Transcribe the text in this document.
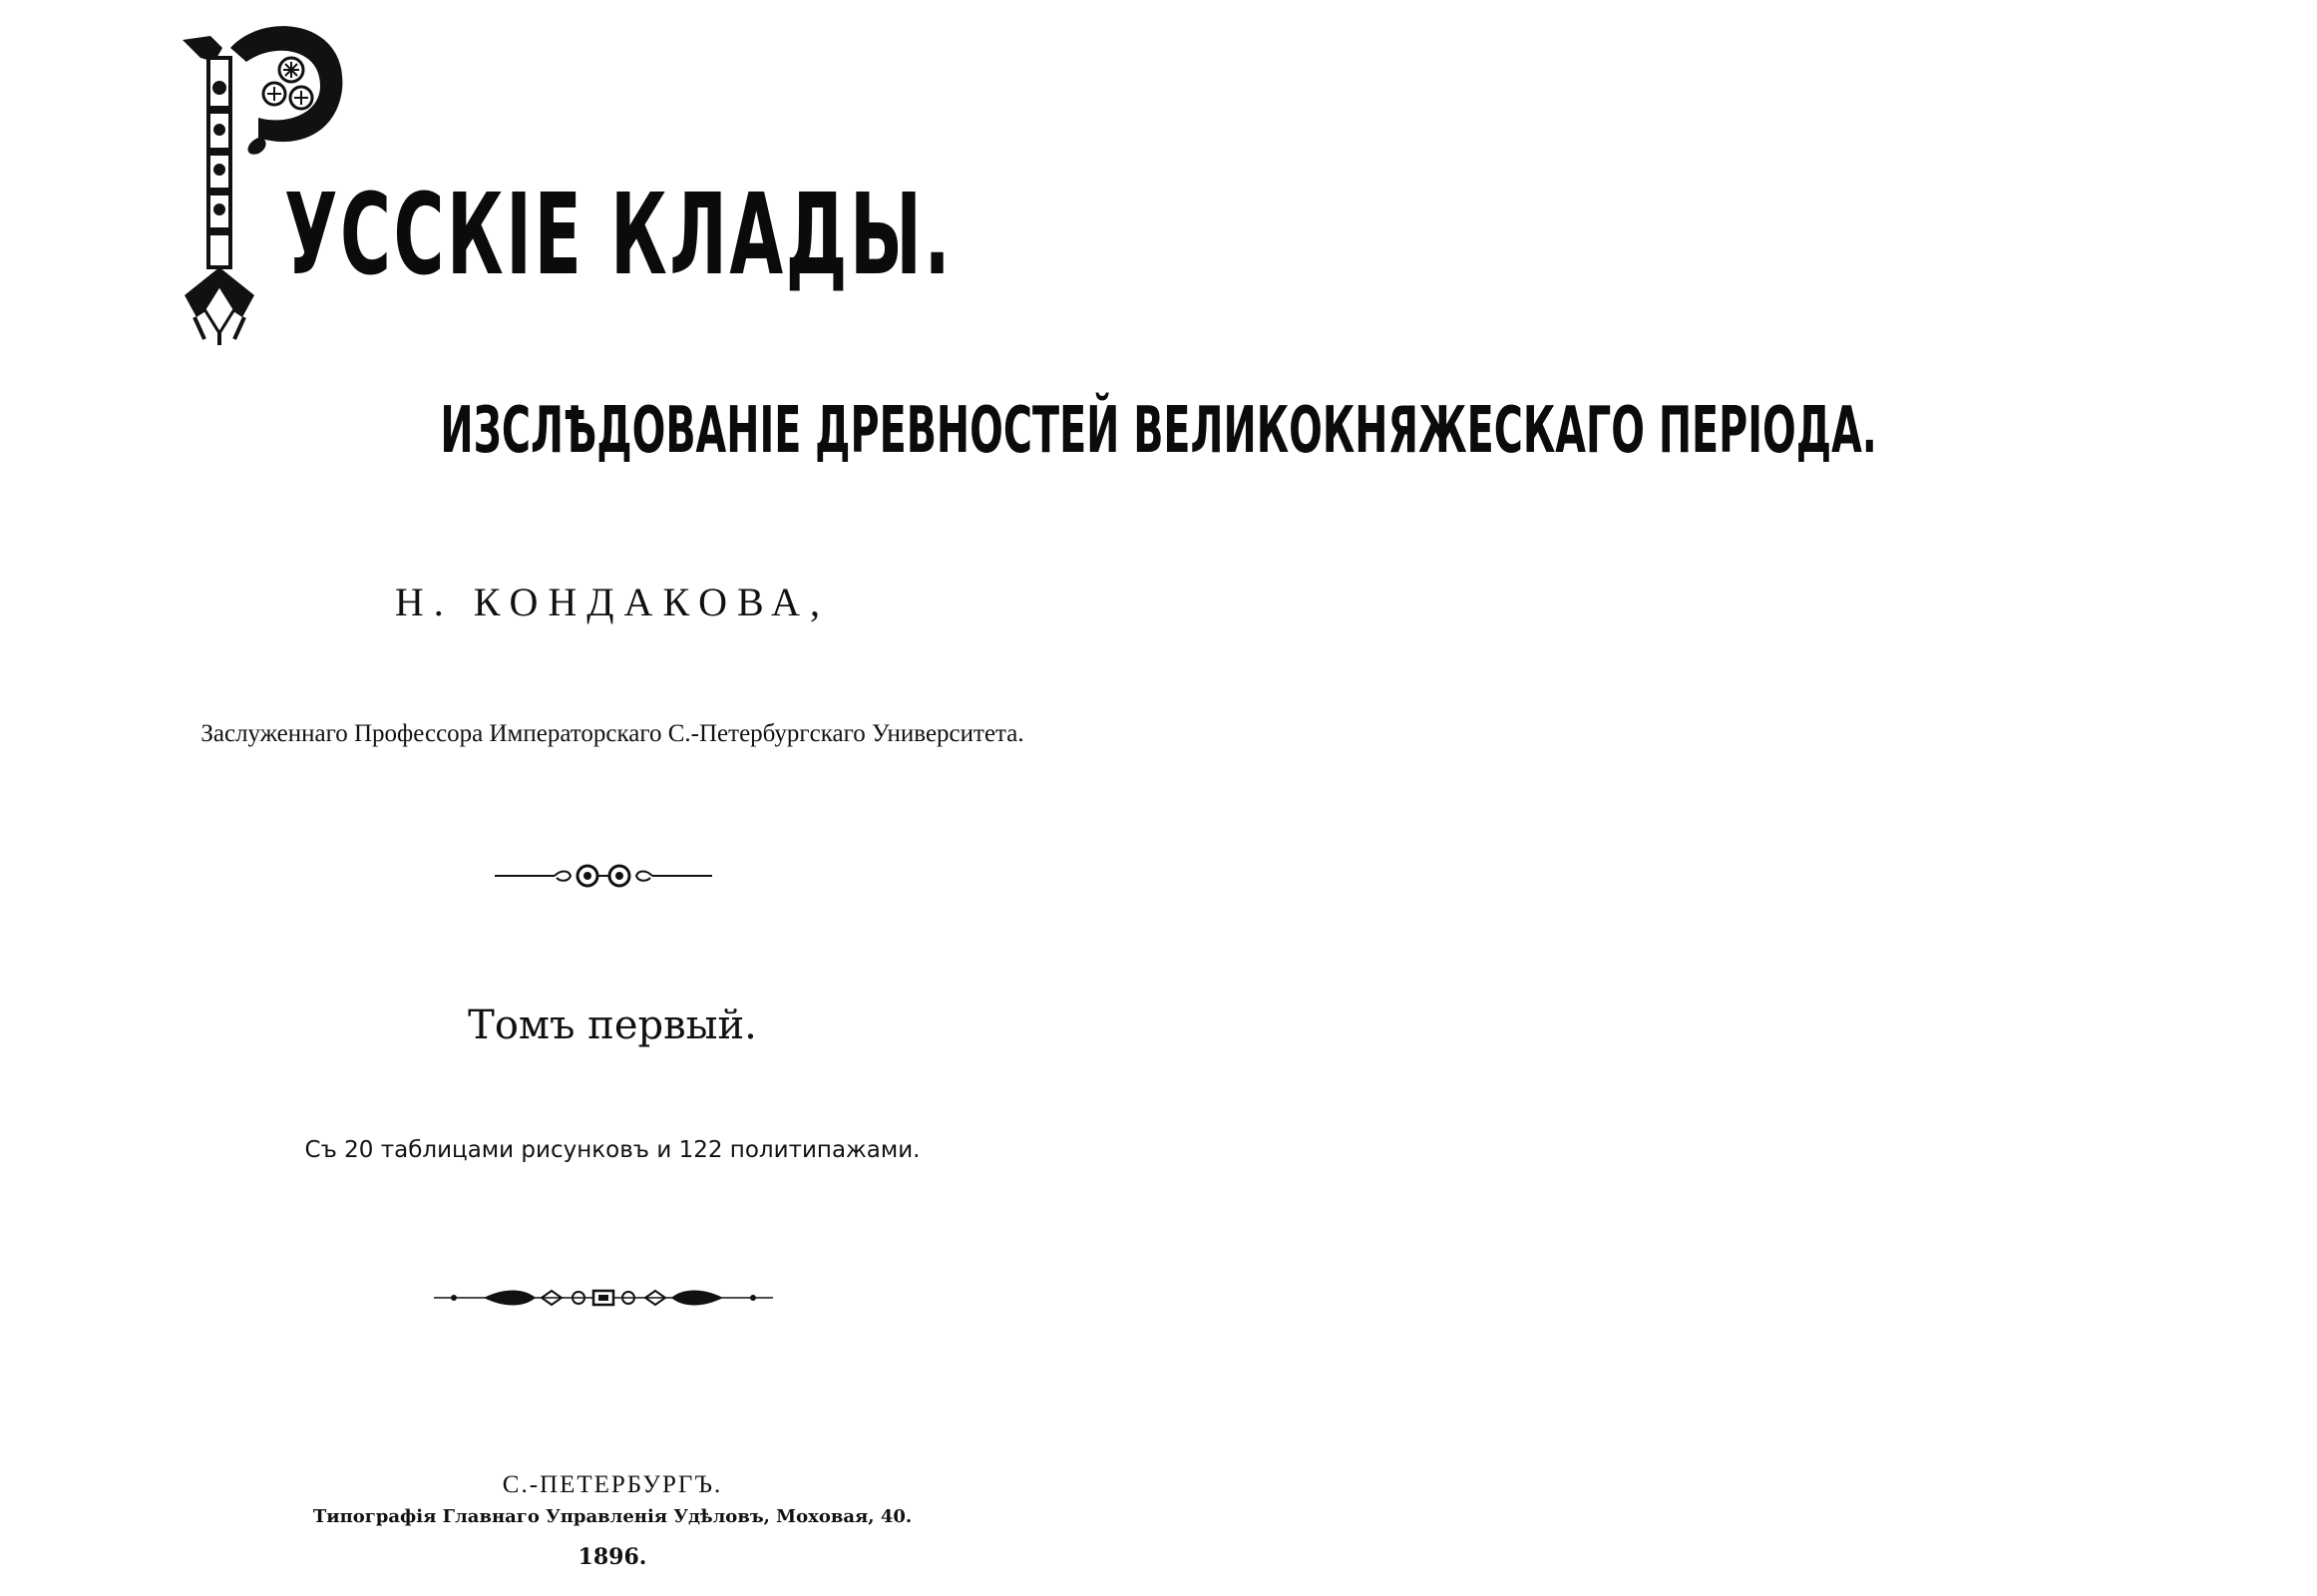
УССКІЕ КЛАДЫ.
ИЗСЛѢДОВАНІЕ ДРЕВНОСТЕЙ ВЕЛИКОКНЯЖЕСКАГО ПЕРІОДА.
Н. КОНДАКОВА,
Заслуженнаго Профессора Императорскаго С.-Петербургскаго Университета.
Томъ первый.
Съ 20 таблицами рисунковъ и 122 политипажами.
С.-ПЕТЕРБУРГЪ.
Типографія Главнаго Управленія Удѣловъ, Моховая, 40.
1896.
